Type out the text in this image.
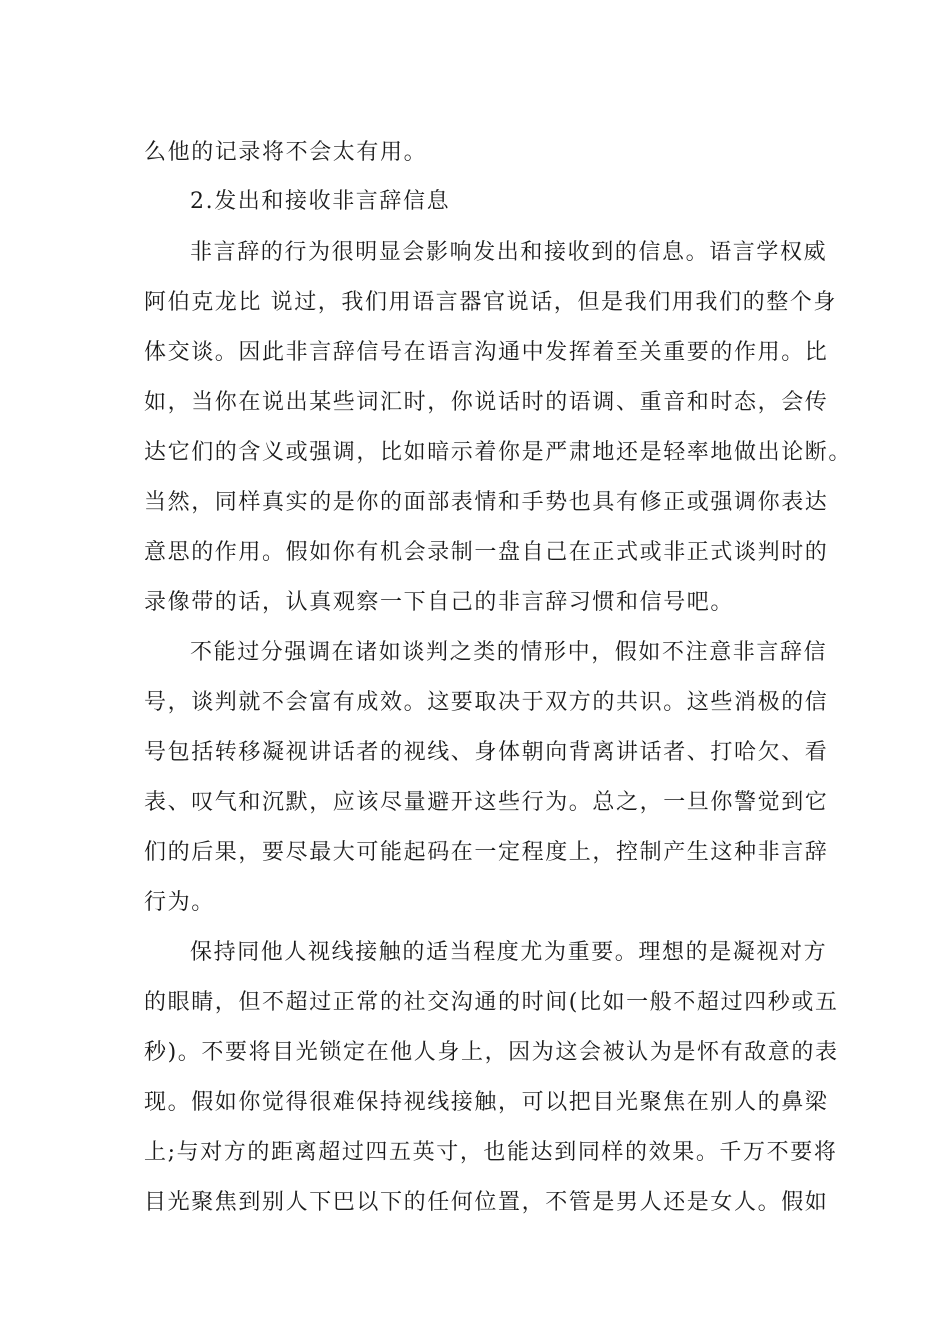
么他的记录将不会太有用。
2.发出和接收非言辞信息
非言辞的行为很明显会影响发出和接收到的信息。语言学权威
阿伯克龙比 说过，我们用语言器官说话，但是我们用我们的整个身
体交谈。因此非言辞信号在语言沟通中发挥着至关重要的作用。比
如，当你在说出某些词汇时，你说话时的语调、重音和时态，会传
达它们的含义或强调，比如暗示着你是严肃地还是轻率地做出论断。
当然，同样真实的是你的面部表情和手势也具有修正或强调你表达
意思的作用。假如你有机会录制一盘自己在正式或非正式谈判时的
录像带的话，认真观察一下自己的非言辞习惯和信号吧。
不能过分强调在诸如谈判之类的情形中，假如不注意非言辞信
号，谈判就不会富有成效。这要取决于双方的共识。这些消极的信
号包括转移凝视讲话者的视线、身体朝向背离讲话者、打哈欠、看
表、叹气和沉默，应该尽量避开这些行为。总之，一旦你警觉到它
们的后果，要尽最大可能起码在一定程度上，控制产生这种非言辞
行为。
保持同他人视线接触的适当程度尤为重要。理想的是凝视对方
的眼睛，但不超过正常的社交沟通的时间(比如一般不超过四秒或五
秒)。不要将目光锁定在他人身上，因为这会被认为是怀有敌意的表
现。假如你觉得很难保持视线接触，可以把目光聚焦在别人的鼻梁
上;与对方的距离超过四五英寸，也能达到同样的效果。千万不要将
目光聚焦到别人下巴以下的任何位置，不管是男人还是女人。假如
